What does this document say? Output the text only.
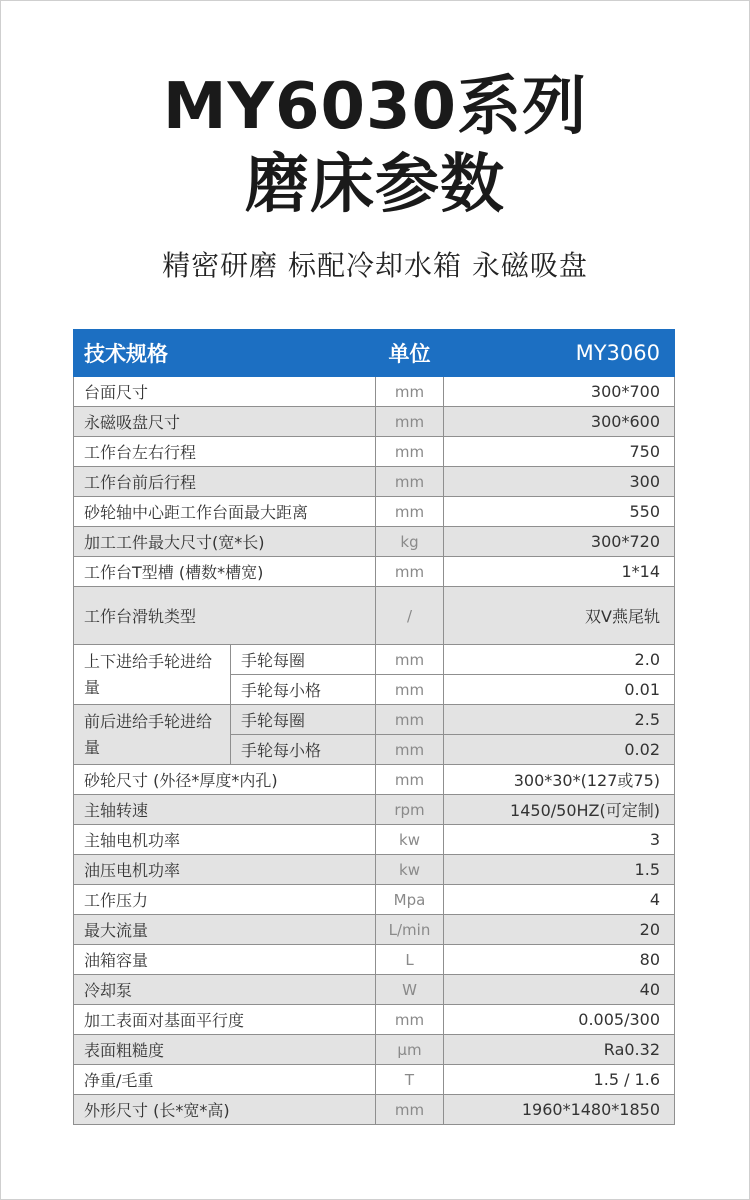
MY6030系列
磨床参数
精密研磨 标配冷却水箱 永磁吸盘
技术规格		单位	MY3060
台面尺寸		mm	300*700
永磁吸盘尺寸		mm	300*600
工作台左右行程		mm	750
工作台前后行程		mm	300
砂轮轴中心距工作台面最大距离		mm	550
加工工件最大尺寸(宽*长)		kg	300*720
工作台T型槽 (槽数*槽宽)		mm	1*14
工作台滑轨类型		/	双V燕尾轨
上下进给手轮进给量	手轮每圈	mm	2.0
	手轮每小格	mm	0.01
前后进给手轮进给量	手轮每圈	mm	2.5
	手轮每小格	mm	0.02
砂轮尺寸 (外径*厚度*内孔)		mm	300*30*(127或75)
主轴转速		rpm	1450/50HZ(可定制)
主轴电机功率		kw	3
油压电机功率		kw	1.5
工作压力		Mpa	4
最大流量		L/min	20
油箱容量		L	80
冷却泵		W	40
加工表面对基面平行度		mm	0.005/300
表面粗糙度		μm	Ra0.32
净重/毛重		T	1.5 / 1.6
外形尺寸 (长*宽*高)		mm	1960*1480*1850
